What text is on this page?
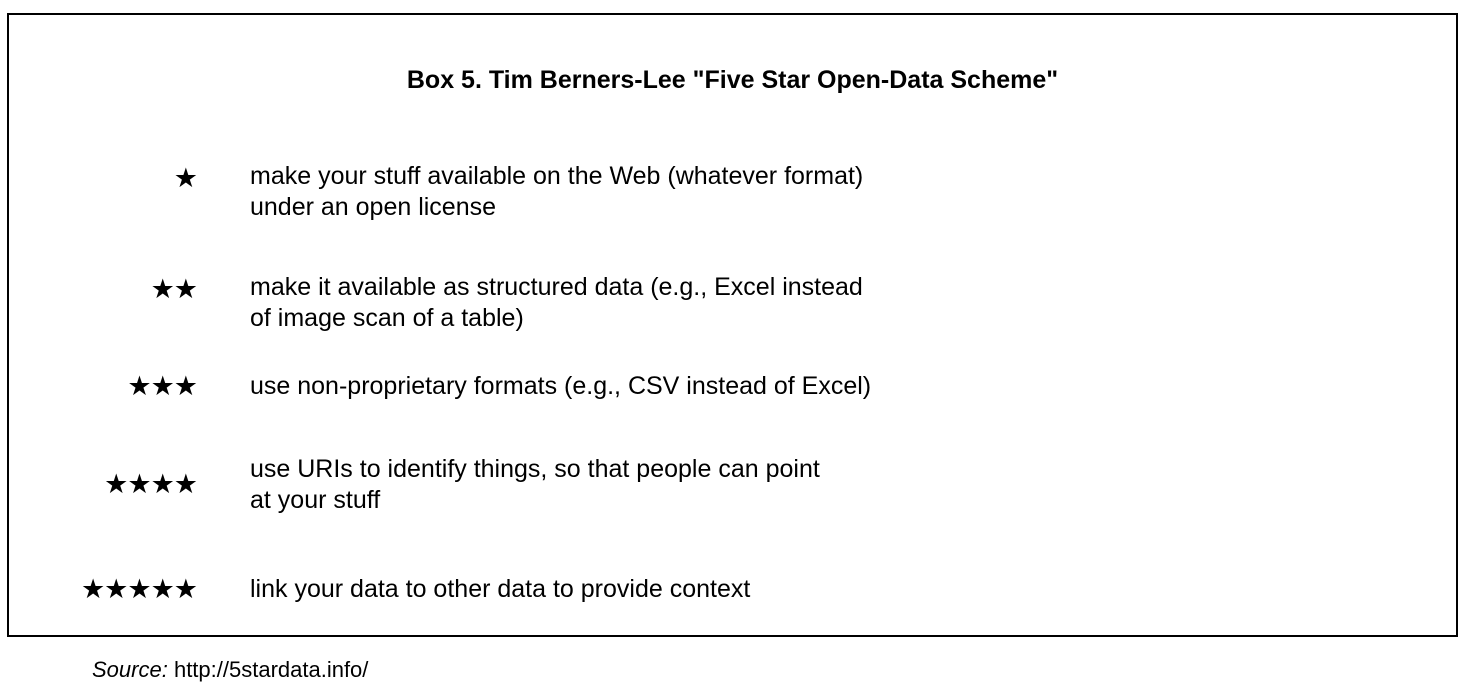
Box 5. Tim Berners-Lee "Five Star Open-Data Scheme"
★ make your stuff available on the Web (whatever format)
under an open license
★★ make it available as structured data (e.g., Excel instead
of image scan of a table)
★★★ use non-proprietary formats (e.g., CSV instead of Excel)
★★★★ use URIs to identify things, so that people can point
at your stuff
★★★★★ link your data to other data to provide context
Source: http://5stardata.info/
